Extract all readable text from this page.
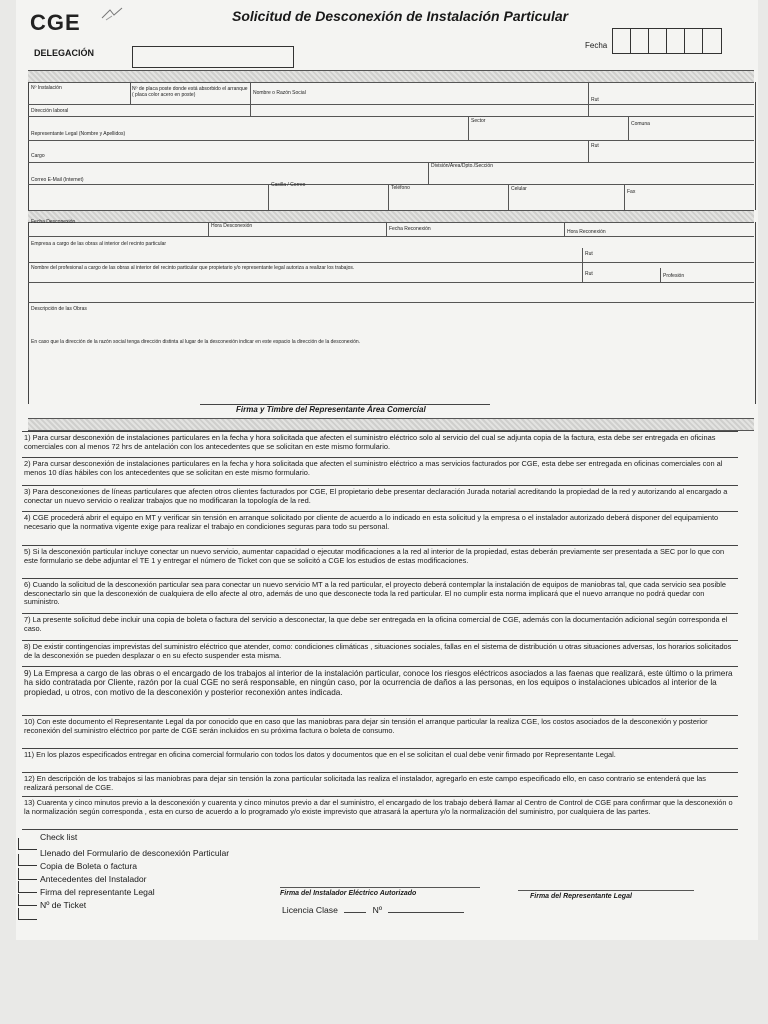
CGE	Solicitud de Desconexión de Instalación Particular
DELEGACIÓN
Fecha
Nº Instalación	Nº de placa poste donde está absorbido el arranque ( placa color acero en poste)	Nombre o Razón Social
Rut
Dirección laboral
Sector	Comuna
Representante Legal (Nombre y Apellidos)
Rut
Cargo
División/Área/Dpto./Sección
Correo E-Mail (Internet)
Casilla / Correo	Teléfono	Celular	Fax
Fecha Desconexión
Hora Desconexión	Fecha Reconexión	Hora Reconexión
Empresa a cargo de las obras al interior del recinto particular
Rut
Nombre del profesional a cargo de las obras al interior del recinto particular que propietario y/o representante legal autoriza a realizar los trabajos.
Rut	Profesión
Descripción de las Obras
En caso que la dirección de la razón social tenga dirección distinta al lugar de la desconexión indicar en este espacio la dirección de la desconexión.
Firma y Timbre del Representante Área Comercial
1) Para cursar desconexión de instalaciones particulares en la fecha y hora solicitada que afecten el suministro eléctrico solo al servicio del cual se adjunta copia de la factura, esta debe ser entregada en oficinas comerciales con al menos 72 hrs de antelación con los antecedentes que se solicitan en este mismo formulario.
2) Para cursar desconexión de instalaciones particulares en la fecha y hora solicitada que afecten el suministro eléctrico a mas servicios facturados por CGE, esta debe ser entregada en oficinas comerciales con al menos 10 días hábiles con los antecedentes que se solicitan en este mismo formulario.
3) Para desconexiones de líneas particulares que afecten otros clientes facturados por CGE, El propietario debe presentar declaración Jurada notarial acreditando la propiedad de la red y autorizando al encargado a conectar un nuevo servicio o realizar trabajos que no modificaran la topología de la red.
4) CGE procederá abrir el equipo en MT y verificar sin tensión en arranque solicitado por cliente de acuerdo a lo indicado en esta solicitud y la empresa o el instalador autorizado deberá disponer del equipamiento necesario que la normativa vigente exige para realizar el trabajo en condiciones seguras para todo su personal.
5) Si la desconexión particular incluye conectar un nuevo servicio, aumentar capacidad o ejecutar modificaciones a la red al interior de la propiedad, estas deberán previamente ser presentada a SEC por lo que con este formulario se debe adjuntar el TE 1 y entregar el número de Ticket con que se solicitó a CGE los estudios de estas modificaciones.
6) Cuando la solicitud de la desconexión particular sea para conectar un nuevo servicio MT a la red particular, el proyecto deberá contemplar la instalación de equipos de maniobras tal, que cada servicio sea posible desconectarlo sin que la desconexión de cualquiera de ello afecte al otro, además de uno que desconecte toda la red particular. El no cumplir esta norma implicará que el nuevo arranque no podrá quedar con suministro.
7) La presente solicitud debe incluir una copia de boleta o factura del servicio a desconectar, la que debe ser entregada en la oficina comercial de CGE, además con la documentación adicional según corresponda el caso.
8) De existir contingencias imprevistas del suministro eléctrico que atender, como: condiciones climáticas , situaciones sociales, fallas en el sistema de distribución u otras situaciones adversas, los horarios solicitados de la desconexión se pueden desplazar o en su efecto suspender esta misma.
9) La Empresa a cargo de las obras o el encargado de los trabajos al interior de la instalación particular, conoce los riesgos eléctricos asociados a las faenas que realizará, este último o la primera ha sido contratada por Cliente, razón por la cual CGE no será responsable, en ningún caso, por la ocurrencia de daños a las personas, en los equipos o instalaciones ubicados al interior de la propiedad, u otros, con motivo de la desconexión y posterior reconexión antes indicada.
10) Con este documento el Representante Legal da por conocido que en caso que las maniobras para dejar sin tensión el arranque particular la realiza CGE, los costos asociados de la desconexión y posterior reconexión del suministro eléctrico por parte de CGE serán incluidos en su próxima factura o boleta de consumo.
11) En los plazos especificados entregar en oficina comercial formulario con todos los datos y documentos que en el se solicitan el cual debe venir firmado por Representante Legal.
12) En descripción de los trabajos si las maniobras para dejar sin tensión la zona particular solicitada las realiza el instalador, agregarlo en este campo especificado ello, en caso contrario se entenderá que las realizará personal de CGE.
13) Cuarenta y cinco minutos previo a la desconexión y cuarenta y cinco minutos previo a dar el suministro, el encargado de los trabajo deberá llamar al Centro de Control de CGE para confirmar que la desconexión o la normalización según corresponda , esta en curso de acuerdo a lo programado y/o existe imprevisto que atrasará la apertura y/o la normalización del suministro, por cualquiera de las partes.
Check list
Llenado del Formulario de desconexión Particular
Copia de Boleta o factura
Antecedentes del Instalador
Firma del representante Legal
Nº de Ticket
Firma del Instalador Eléctrico Autorizado	Firma del Representante Legal
Licencia Clase	Nº
